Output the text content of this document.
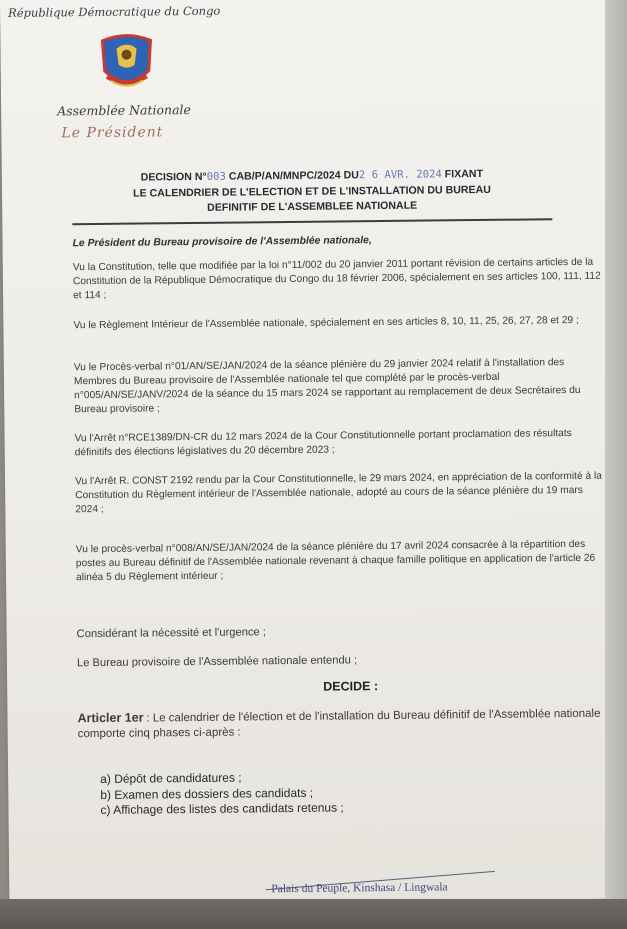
République Démocratique du Congo
Assemblée Nationale
Le Président
DECISION N°003 CAB/P/AN/MNPC/2024 DU2 6 AVR. 2024 FIXANT
LE CALENDRIER DE L'ELECTION ET DE L'INSTALLATION DU BUREAU
DEFINITIF DE L'ASSEMBLEE NATIONALE
Le Président du Bureau provisoire de l'Assemblée nationale,
Vu la Constitution, telle que modifiée par la loi n°11/002 du 20 janvier 2011 portant révision de certains articles de la Constitution de la République Démocratique du Congo du 18 février 2006, spécialement en ses articles 100, 111, 112 et 114 ;
Vu le Règlement Intérieur de l'Assemblée nationale, spécialement en ses articles 8, 10, 11, 25, 26, 27, 28 et 29 ;
Vu le Procès-verbal n°01/AN/SE/JAN/2024 de la séance plénière du 29 janvier 2024 relatif à l'installation des Membres du Bureau provisoire de l'Assemblée nationale tel que complété par le procès-verbal n°005/AN/SE/JANV/2024 de la séance du 15 mars 2024 se rapportant au remplacement de deux Secrétaires du Bureau provisoire ;
Vu l'Arrêt n°RCE1389/DN-CR du 12 mars 2024 de la Cour Constitutionnelle portant proclamation des résultats définitifs des élections législatives du 20 décembre 2023 ;
Vu l'Arrêt R. CONST 2192 rendu par la Cour Constitutionnelle, le 29 mars 2024, en appréciation de la conformité à la Constitution du Règlement intérieur de l'Assemblée nationale, adopté au cours de la séance plénière du 19 mars 2024 ;
Vu le procès-verbal n°008/AN/SE/JAN/2024 de la séance plénière du 17 avril 2024 consacrée à la répartition des postes au Bureau définitif de l'Assemblée nationale revenant à chaque famille politique en application de l'article 26 alinéa 5 du Règlement intérieur ;
Considérant la nécessité et l'urgence ;
Le Bureau provisoire de l'Assemblée nationale entendu ;
DECIDE :
Articler 1er : Le calendrier de l'élection et de l'installation du Bureau définitif de l'Assemblée nationale comporte cinq phases ci-après :
a) Dépôt de candidatures ;
b) Examen des dossiers des candidats ;
c) Affichage des listes des candidats retenus ;
Palais du Peuple, Kinshasa / Lingwala
